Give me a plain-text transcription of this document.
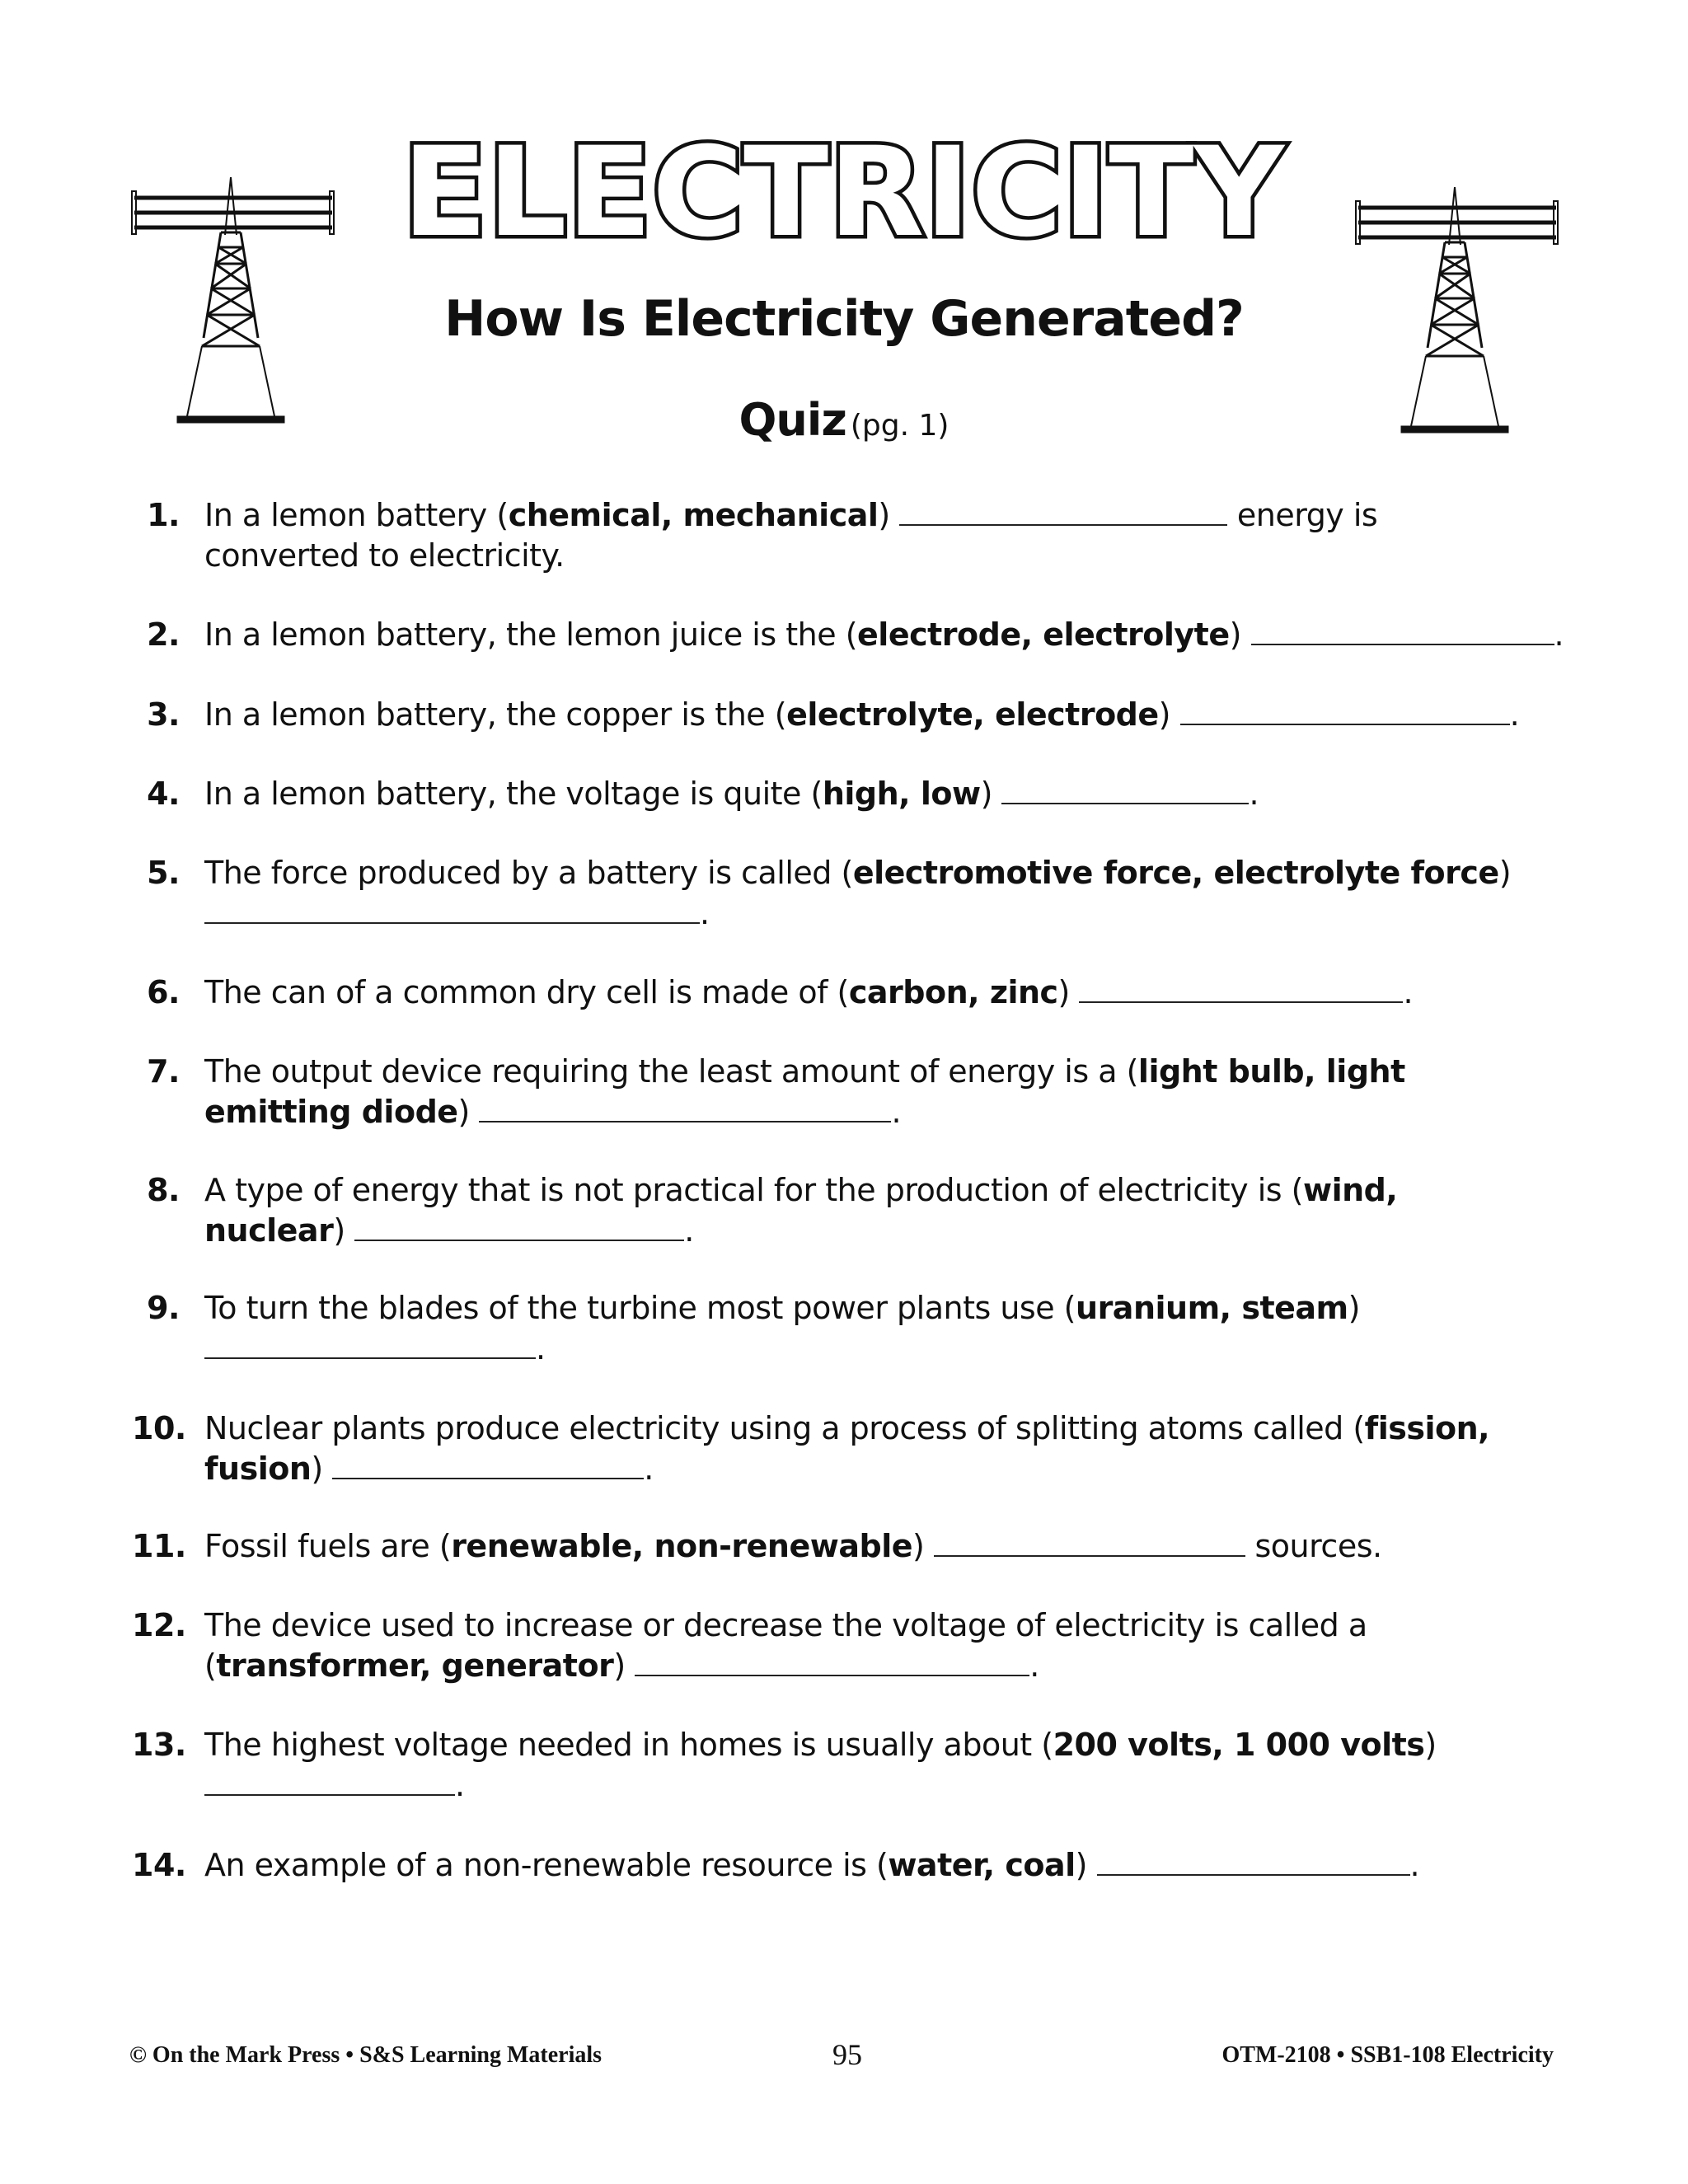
ELECTRICITY
How Is Electricity Generated?
Quiz (pg. 1)
1. In a lemon battery (chemical, mechanical)	energy is
converted to electricity.
2. In a lemon battery, the lemon juice is the (electrode, electrolyte)	.
3. In a lemon battery, the copper is the (electrolyte, electrode)	.
4. In a lemon battery, the voltage is quite (high, low)	.
5. The force produced by a battery is called (electromotive force, electrolyte force)
.
6. The can of a common dry cell is made of (carbon, zinc)	.
7. The output device requiring the least amount of energy is a (light bulb, light
emitting diode)	.
8. A type of energy that is not practical for the production of electricity is (wind,
nuclear)	.
9. To turn the blades of the turbine most power plants use (uranium, steam)
.
10. Nuclear plants produce electricity using a process of splitting atoms called (fission,
fusion)	.
11. Fossil fuels are (renewable, non-renewable)	sources.
12. The device used to increase or decrease the voltage of electricity is called a
(transformer, generator)	.
13. The highest voltage needed in homes is usually about (200 volts, 1 000 volts)
.
14. An example of a non-renewable resource is (water, coal)	.
© On the Mark Press • S&S Learning Materials	95	OTM-2108 • SSB1-108 Electricity
